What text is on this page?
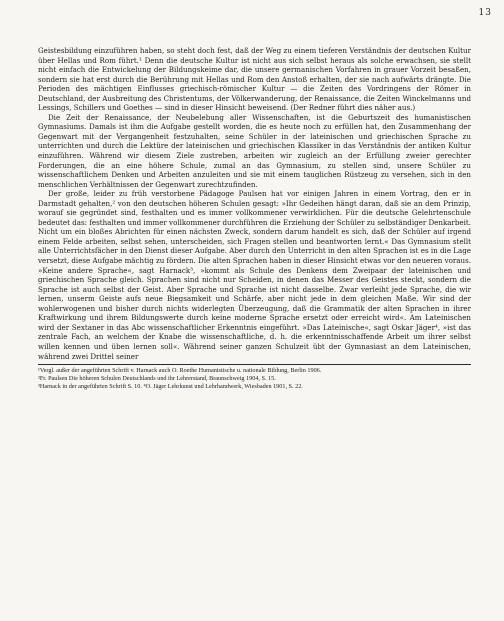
13

Geistesbildung einzuführen haben, so steht doch fest, daß der Weg zu einem tieferen Verständnis der deutschen Kultur über Hellas und Rom führt.¹ Denn die deutsche Kultur ist nicht aus sich selbst heraus als solche erwachsen, sie stellt nicht einfach die Entwickelung der Bildungskeime dar, die unsere germanischen Vorfahren in grauer Vorzeit besaßen, sondern sie hat erst durch die Berührung mit Hellas und Rom den Anstoß erhalten, der sie nach aufwärts drängte. Die Perioden des mächtigen Einflusses griechisch-römischer Kultur — die Zeiten des Vordringens der Römer in Deutschland, der Ausbreitung des Christentums, der Völkerwanderung, der Renaissance, die Zeiten Winckelmanns und Lessings, Schillers und Goethes — sind in dieser Hinsicht beweisend. (Der Redner führt dies näher aus.)

Die Zeit der Renaissance, der Neubelebung aller Wissenschaften, ist die Geburtszeit des humanistischen Gymnasiums. Damals ist ihm die Aufgabe gestellt worden, die es heute noch zu erfüllen hat, den Zusammenhang der Gegenwart mit der Vergangenheit festzuhalten, seine Schüler in der lateinischen und griechischen Sprache zu unterrichten und durch die Lektüre der lateinischen und griechischen Klassiker in das Verständnis der antiken Kultur einzuführen. Während wir diesem Ziele zustreben, arbeiten wir zugleich an der Erfüllung zweier gerechter Forderungen, die an eine höhere Schule, zumal an das Gymnasium, zu stellen sind, unsere Schüler zu wissenschaftlichem Denken und Arbeiten anzuleiten und sie mit einem tauglichen Rüstzeug zu versehen, sich in den menschlichen Verhältnissen der Gegenwart zurechtzufinden.

Der große, leider zu früh verstorbene Pädagoge Paulsen hat vor einigen Jahren in einem Vortrag, den er in Darmstadt gehalten,² von den deutschen höheren Schulen gesagt: »Ihr Gedeihen hängt daran, daß sie an dem Prinzip, worauf sie gegründet sind, festhalten und es immer vollkommener verwirklichen. Für die deutsche Gelehrtenschule bedeutet das: festhalten und immer vollkommener durchführen die Erziehung der Schüler zu selbständiger Denkarbeit. Nicht um ein bloßes Abrichten für einen nächsten Zweck, sondern darum handelt es sich, daß der Schüler auf irgend einem Felde arbeiten, selbst sehen, unterscheiden, sich Fragen stellen und beantworten lernt.« Das Gymnasium stellt alle Unterrichtsfächer in den Dienst dieser Aufgabe. Aber durch den Unterricht in den alten Sprachen ist es in die Lage versetzt, diese Aufgabe mächtig zu fördern. Die alten Sprachen haben in dieser Hinsicht etwas vor den neueren voraus. »Keine andere Sprache«, sagt Harnack³, »kommt als Schule des Denkens dem Zweipaar der lateinischen und griechischen Sprache gleich. Sprachen sind nicht nur Scheiden, in denen das Messer des Geistes steckt, sondern die Sprache ist auch selbst der Geist. Aber Sprache und Sprache ist nicht dasselbe. Zwar verleiht jede Sprache, die wir lernen, unserm Geiste aufs neue Biegsamkeit und Schärfe, aber nicht jede in dem gleichen Maße. Wir sind der wohlerwogenen und bisher durch nichts widerlegten Überzeugung, daß die Grammatik der alten Sprachen in ihrer Kraftwirkung und ihrem Bildungswerte durch keine moderne Sprache ersetzt oder erreicht wird«. Am Lateinischen wird der Sextaner in das Abc wissenschaftlicher Erkenntnis eingeführt. »Das Lateinische«, sagt Oskar Jäger⁴, »ist das zentrale Fach, an welchem der Knabe die wissenschaftliche, d. h. die erkenntnisschaffende Arbeit um ihrer selbst willen kennen und üben lernen soll«. Während seiner ganzen Schulzeit übt der Gymnasiast an dem Lateinischen, während zwei Drittel seiner

¹Vergl. außer der angeführten Schrift v. Harnack auch O. Roethe Humanistische u. nationale Bildung, Berlin 1906.

²Fr. Paulsen Die höheren Schulen Deutschlands und ihr Lehrerstand, Braunschweig 1904, S. 15.

³Harnack in der angeführten Schrift S. 10. ⁴O. Jäger Lehrkunst und Lehrhandwerk, Wiesbaden 1901, S. 22.
